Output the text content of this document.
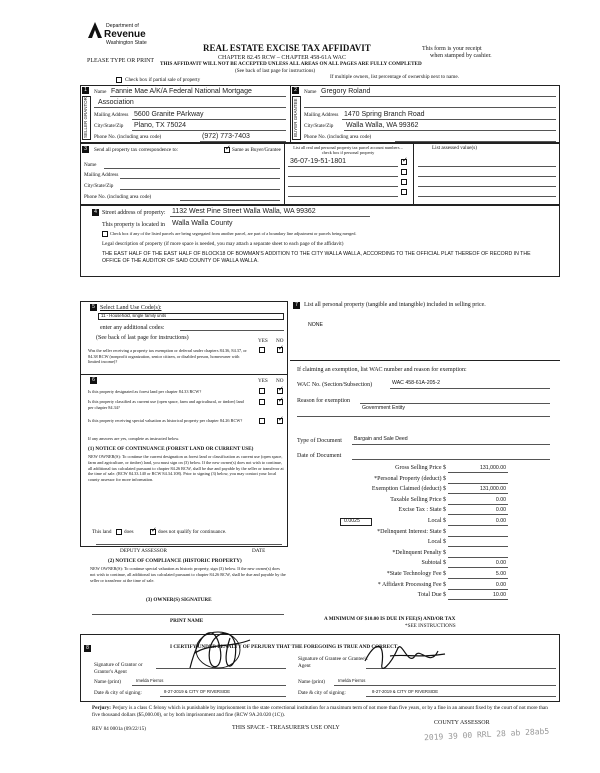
Department of
Revenue
Washington State	REAL ESTATE EXCISE TAX AFFIDAVIT
CHAPTER 82.45 RCW – CHAPTER 458-61A WAC
THIS AFFIDAVIT WILL NOT BE ACCEPTED UNLESS ALL AREAS ON ALL PAGES ARE FULLY COMPLETED
(See back of last page for instructions)
PLEASE TYPE OR PRINT
This form is your receipt
when stamped by cashier.
Check box if partial sale of property	If multiple owners, list percentage of ownership next to name.
1
SELLER GRANTOR
Name Fannie Mae A/K/A Federal National Mortgage
Association
Mailing Address 5600 Granite PArkway
City/State/Zip Plano, TX 75024
Phone No. (including area code)	(972) 773-7403
2
BUYER GRANTEE
Name Gregory Roland
Mailing Address 1470 Spring Branch Road
City/State/Zip Walla Walla, WA 99362
Phone No. (including area code)
3	Send all property tax correspondence to: ✓	Same as Buyer/Grantee
Name
Mailing Address
City/State/Zip
Phone No. (including area code)
List all real and personal property tax parcel account numbers – check box if personal property
List assessed value(s)
36-07-19-51-1801
✓
4 Street address of property: 1132 West Pine Street Walla Walla, WA 99362
This property is located in Walla Walla County
Check box if any of the listed parcels are being segregated from another parcel, are part of a boundary line adjustment or parcels being merged.
Legal description of property (if more space is needed, you may attach a separate sheet to each page of the affidavit)
THE EAST HALF OF THE EAST HALF OF BLOCK18 OF BOWMAN'S ADDITION TO THE CITY WALLA WALLA, ACCORDING TO THE OFFICIAL PLAT THEREOF OF RECORD IN THE OFFICE OF THE AUDITOR OF SAID COUNTY OF WALLA WALLA.
5 Select Land Use Code(s):
11 - Household, single family units
enter any additional codes:
(See back of last page for instructions)	YES NO
Was the seller receiving a property tax exemption or deferral under chapters 84.36, 84.37, or 84.38 RCW (nonprofit organization, senior citizen, or disabled person, homeowner with limited income)?
✓
6	YES NO
Is this property designated as forest land per chapter 84.33 RCW?
✓
Is this property classified as current use (open space, farm and agricultural, or timber) land per chapter 84.34?
✓
Is this property receiving special valuation as historical property per chapter 84.26 RCW?
✓
If any answers are yes, complete as instructed below.
(1) NOTICE OF CONTINUANCE (FOREST LAND OR CURRENT USE)
NEW OWNER(S): To continue the current designation as forest land or classification as current use (open space, farm and agriculture, or timber) land, you must sign on (3) below. If the new owner(s) does not wish to continue, all additional tax calculated pursuant to chapter 84.26 RCW, shall be due and payable by the seller or transferor at the time of sale. (RCW 84.33.140 or RCW 84.34.108). Prior to signing (3) below, you may contact your local county assessor for more information.
This land does ✓	does not qualify for continuance.
DEPUTY ASSESSOR	DATE
(2) NOTICE OF COMPLIANCE (HISTORIC PROPERTY)
NEW OWNER(S): To continue special valuation as historic property, sign (3) below. If the new owner(s) does not wish to continue, all additional tax calculated pursuant to chapter 84.26 RCW, shall be due and payable by the seller or transferor at the time of sale.
(3) OWNER(S) SIGNATURE
PRINT NAME
7	List all personal property (tangible and intangible) included in selling price.
NONE
If claiming an exemption, list WAC number and reason for exemption:
WAC No. (Section/Subsection)	WAC 458-61A-205-2
Reason for exemption
Government Entity
Type of Document Bargain and Sale Deed
Date of Document
Gross Selling Price $	131,000.00
*Personal Property (deduct) $
Exemption Claimed (deduct) $	131,000.00
Taxable Selling Price $	0.00
Excise Tax : State $	0.00
Local $	0.00
*Delinquent Interest: State $
Local $
*Delinquent Penalty $
Subtotal $	0.00
*State Technology Fee $	5.00
* Affidavit Processing Fee $	0.00
Total Due $	10.00
0.0025
A MINIMUM OF $10.00 IS DUE IN FEE(S) AND/OR TAX
*SEE INSTRUCTIONS
8	I CERTIFY UNDER PENALTY OF PERJURY THAT THE FOREGOING IS TRUE AND CORRECT.
Signature of Grantor or Grantor's Agent
Name (print)	Imelda Fierros
Date & city of signing:	8-27-2019 & CITY OF RIVERSIDE
Signature of Grantee or Grantee's Agent
Name (print)	Imelda Fierros
Date & city of signing:	8-27-2019 & CITY OF RIVERSIDE
Perjury: Perjury is a class C felony which is punishable by imprisonment in the state correctional institution for a maximum term of not more than five years, or by a fine in an amount fixed by the court of not more than five thousand dollars ($5,000.00), or by both imprisonment and fine (RCW 9A.20.020 (1C)).
REV 84 0001a (09/22/15)	THIS SPACE - TREASURER'S USE ONLY
COUNTY ASSESSOR
2019 39 00 RRL 28 ab 28ab5
